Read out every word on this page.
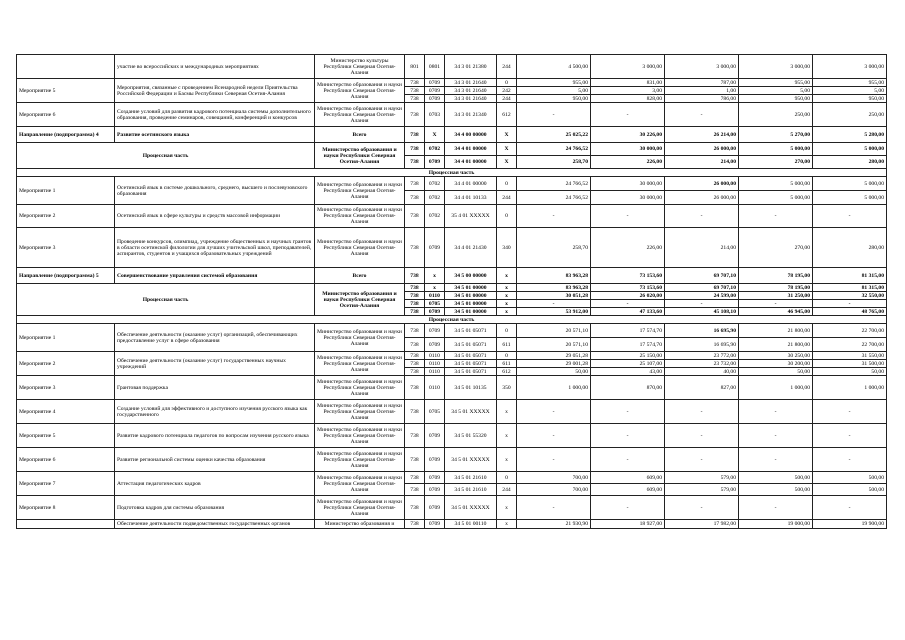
	участие во всероссийских и международных мероприятиях	Министерство культуры Республики Северная Осетия-Алания	801	0801	34 3 01 21380	244	4 500,00	3 000,00	3 000,00	3 000,00	3 000,00
Мероприятие 5	Мероприятия, связанные с проведением Всенародной недели Приятельства Российской Федерации и Басмы Республики Северная Осетия-Алания	Министерство образования и науки Республики Северная Осетия-Алания	738	0709	34 3 01 21640	0	955,00	831,00	787,00	955,00	955,00
			738	0709	34 3 01 21640	242	5,00	3,00	1,00	5,00	5,00
			738	0709	34 3 01 21640	244	950,00	828,00	786,00	950,00	950,00
Мероприятие 6	Создание условий для развития кадрового потенциала системы дополнительного образования, проведение семинаров, совещаний, конференций и конкурсов	Министерство образования и науки Республики Северная Осетия-Алания	738	0703	34 3 01 21340	612	-	-	-	250,00	250,00
Направление (подпрограмма) 4	Развитие осетинского языка	Всего	738	X	34 4 00 00000	X	25 025,22	30 226,00	26 214,00	5 270,00	5 280,00
Процессная часть		Министерство образования и науки Республики Северная Осетия-Алания	738	0702	34 4 01 00000	X	24 766,52	30 000,00	26 000,00	5 000,00	5 000,00
			738	0709	34 4 01 00000	X	258,70	226,00	214,00	270,00	280,00
Процессная часть											
Мероприятие 1	Осетинский язык в системе дошкольного, среднего, высшего и послевузовского образования	Министерство образования и науки Республики Северная Осетия-Алания	738	0702	34 4 01 00000	0	24 766,52	30 000,00	26 000,00	5 000,00	5 000,00
			738	0702	34 4 01 10133	244	24 766,52	30 000,00	26 000,00	5 000,00	5 000,00
Мероприятие 2	Осетинский язык в сфере культуры и средств массовой информации	Министерство образования и науки Республики Северная Осетия-Алания	738	0702	35 4 01 XXXXX	0	-	-	-	-	-
Мероприятие 3	Проведение конкурсов, олимпиад, учреждение общественных и научных грантов в области осетинской филологии для лучших учительской школ, преподавателей, аспирантов, студентов и учащихся образовательных учреждений	Министерство образования и науки Республики Северная Осетия-Алания	738	0709	34 4 01 21430	340	258,70	226,00	214,00	270,00	280,00
Направление (подпрограмма) 5	Совершенствование управления системой образования	Всего	738	x	34 5 00 00000	x	83 963,28	73 153,60	69 707,10	78 195,00	81 315,00
Процессная часть		Министерство образования и науки Республики Северная Осетия-Алания	738	x	34 5 01 00000	x	83 963,28	73 153,60	69 707,10	78 195,00	81 315,00
			738	0110	34 5 01 00000	x	30 051,28	26 020,00	24 599,00	31 250,00	32 550,00
			738	0705	34 5 01 00000	x	-	-	-	-	-
			738	0709	34 5 01 00000	x	53 912,00	47 133,60	45 108,10	46 945,00	48 765,00
Процессная часть											
Мероприятие 1	Обеспечение деятельности (оказание услуг) организаций, обеспечивающих предоставление услуг в сфере образования	Министерство образования и науки Республики Северная Осетия-Алания	738	0709	34 5 01 05071	0	20 571,10	17 574,70	16 695,90	21 800,00	22 700,00
			738	0709	34 5 01 05071	611	20 571,10	17 574,70	16 695,90	21 800,00	22 700,00
Мероприятие 2	Обеспечение деятельности (оказание услуг) государственных научных учреждений	Министерство образования и науки Республики Северная Осетия-Алания	738	0110	34 5 01 05071	0	29 051,28	25 150,00	23 772,00	30 250,00	31 550,00
			738	0110	34 5 01 05071	611	29 001,28	25 107,00	23 732,00	30 200,00	31 500,00
			738	0110	34 5 01 05071	612	50,00	43,00	40,00	50,00	50,00
Мероприятие 3	Грантовая поддержка	Министерство образования и науки Республики Северная Осетия-Алания	738	0110	34 5 01 10135	350	1 000,00	870,00	827,00	1 000,00	1 000,00
Мероприятие 4	Создание условий для эффективного и доступного изучения русского языка как государственного	Министерство образования и науки Республики Северная Осетия-Алания	738	0705	34 5 01 XXXXX	x	-	-	-	-	-
Мероприятие 5	Развитие кадрового потенциала педагогов по вопросам изучения русского языка	Министерство образования и науки Республики Северная Осетия-Алания	738	0709	34 5 01 55320	x	-	-	-	-	-
Мероприятие 6	Развитие региональной системы оценки качества образования	Министерство образования и науки Республики Северная Осетия-Алания	738	0709	34 5 01 XXXXX	x	-	-	-	-	-
Мероприятие 7	Аттестация педагогических кадров	Министерство образования и науки Республики Северная Осетия-Алания	738	0709	34 5 01 21610	0	700,00	609,00	579,00	500,00	500,00
			738	0709	34 5 01 21610	244	700,00	609,00	579,00	500,00	500,00
Мероприятие 8	Подготовка кадров для системы образования	Министерство образования и науки Республики Северная Осетия-Алания	738	0709	34 5 01 XXXXX	x	-	-	-	-	-
	Обеспечение деятельности подведомственных государственных органов	Министерство образования и	738	0709	34 5 01 00110	x	21 930,90	18 927,00	17 982,00	19 000,00	19 900,00
